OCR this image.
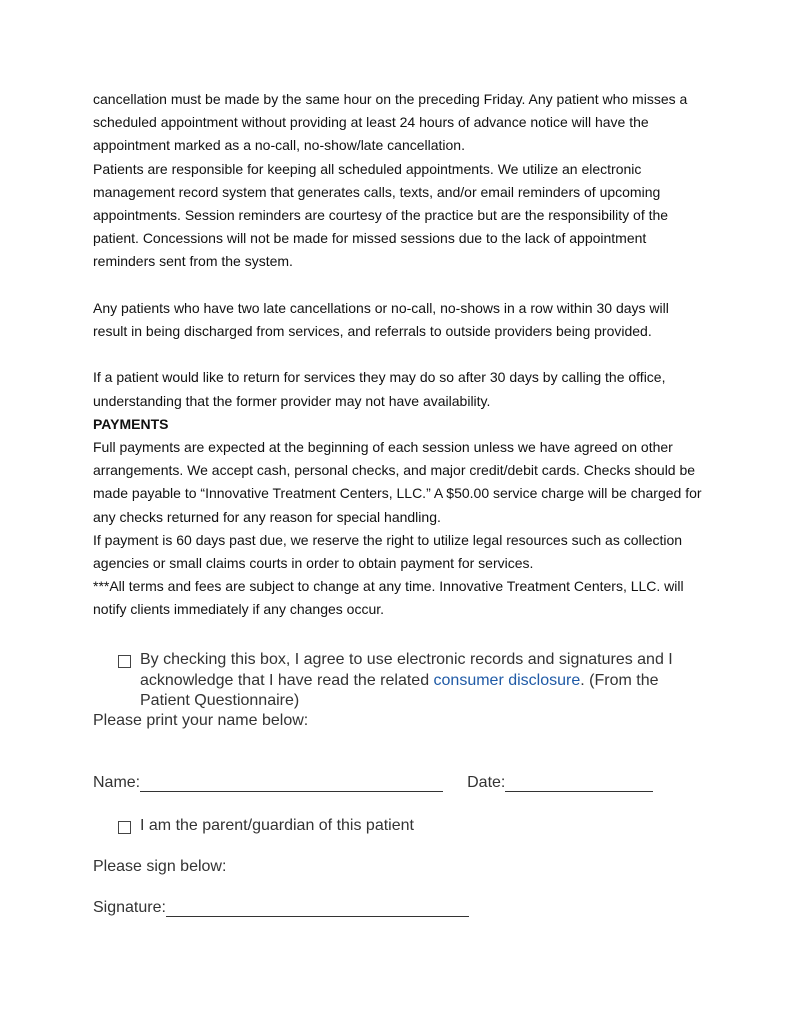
cancellation must be made by the same hour on the preceding Friday. Any patient who misses a scheduled appointment without providing at least 24 hours of advance notice will have the appointment marked as a no-call, no-show/late cancellation.

Patients are responsible for keeping all scheduled appointments. We utilize an electronic management record system that generates calls, texts, and/or email reminders of upcoming appointments. Session reminders are courtesy of the practice but are the responsibility of the patient. Concessions will not be made for missed sessions due to the lack of appointment reminders sent from the system.

Any patients who have two late cancellations or no-call, no-shows in a row within 30 days will result in being discharged from services, and referrals to outside providers being provided.

If a patient would like to return for services they may do so after 30 days by calling the office, understanding that the former provider may not have availability.

PAYMENTS

Full payments are expected at the beginning of each session unless we have agreed on other arrangements. We accept cash, personal checks, and major credit/debit cards. Checks should be made payable to “Innovative Treatment Centers, LLC.” A $50.00 service charge will be charged for any checks returned for any reason for special handling.

If payment is 60 days past due, we reserve the right to utilize legal resources such as collection agencies or small claims courts in order to obtain payment for services.

***All terms and fees are subject to change at any time. Innovative Treatment Centers, LLC. will notify clients immediately if any changes occur.

By checking this box, I agree to use electronic records and signatures and I acknowledge that I have read the related consumer disclosure. (From the Patient Questionnaire)
Please print your name below:
Name:	Date:
I am the parent/guardian of this patient
Please sign below:
Signature:
